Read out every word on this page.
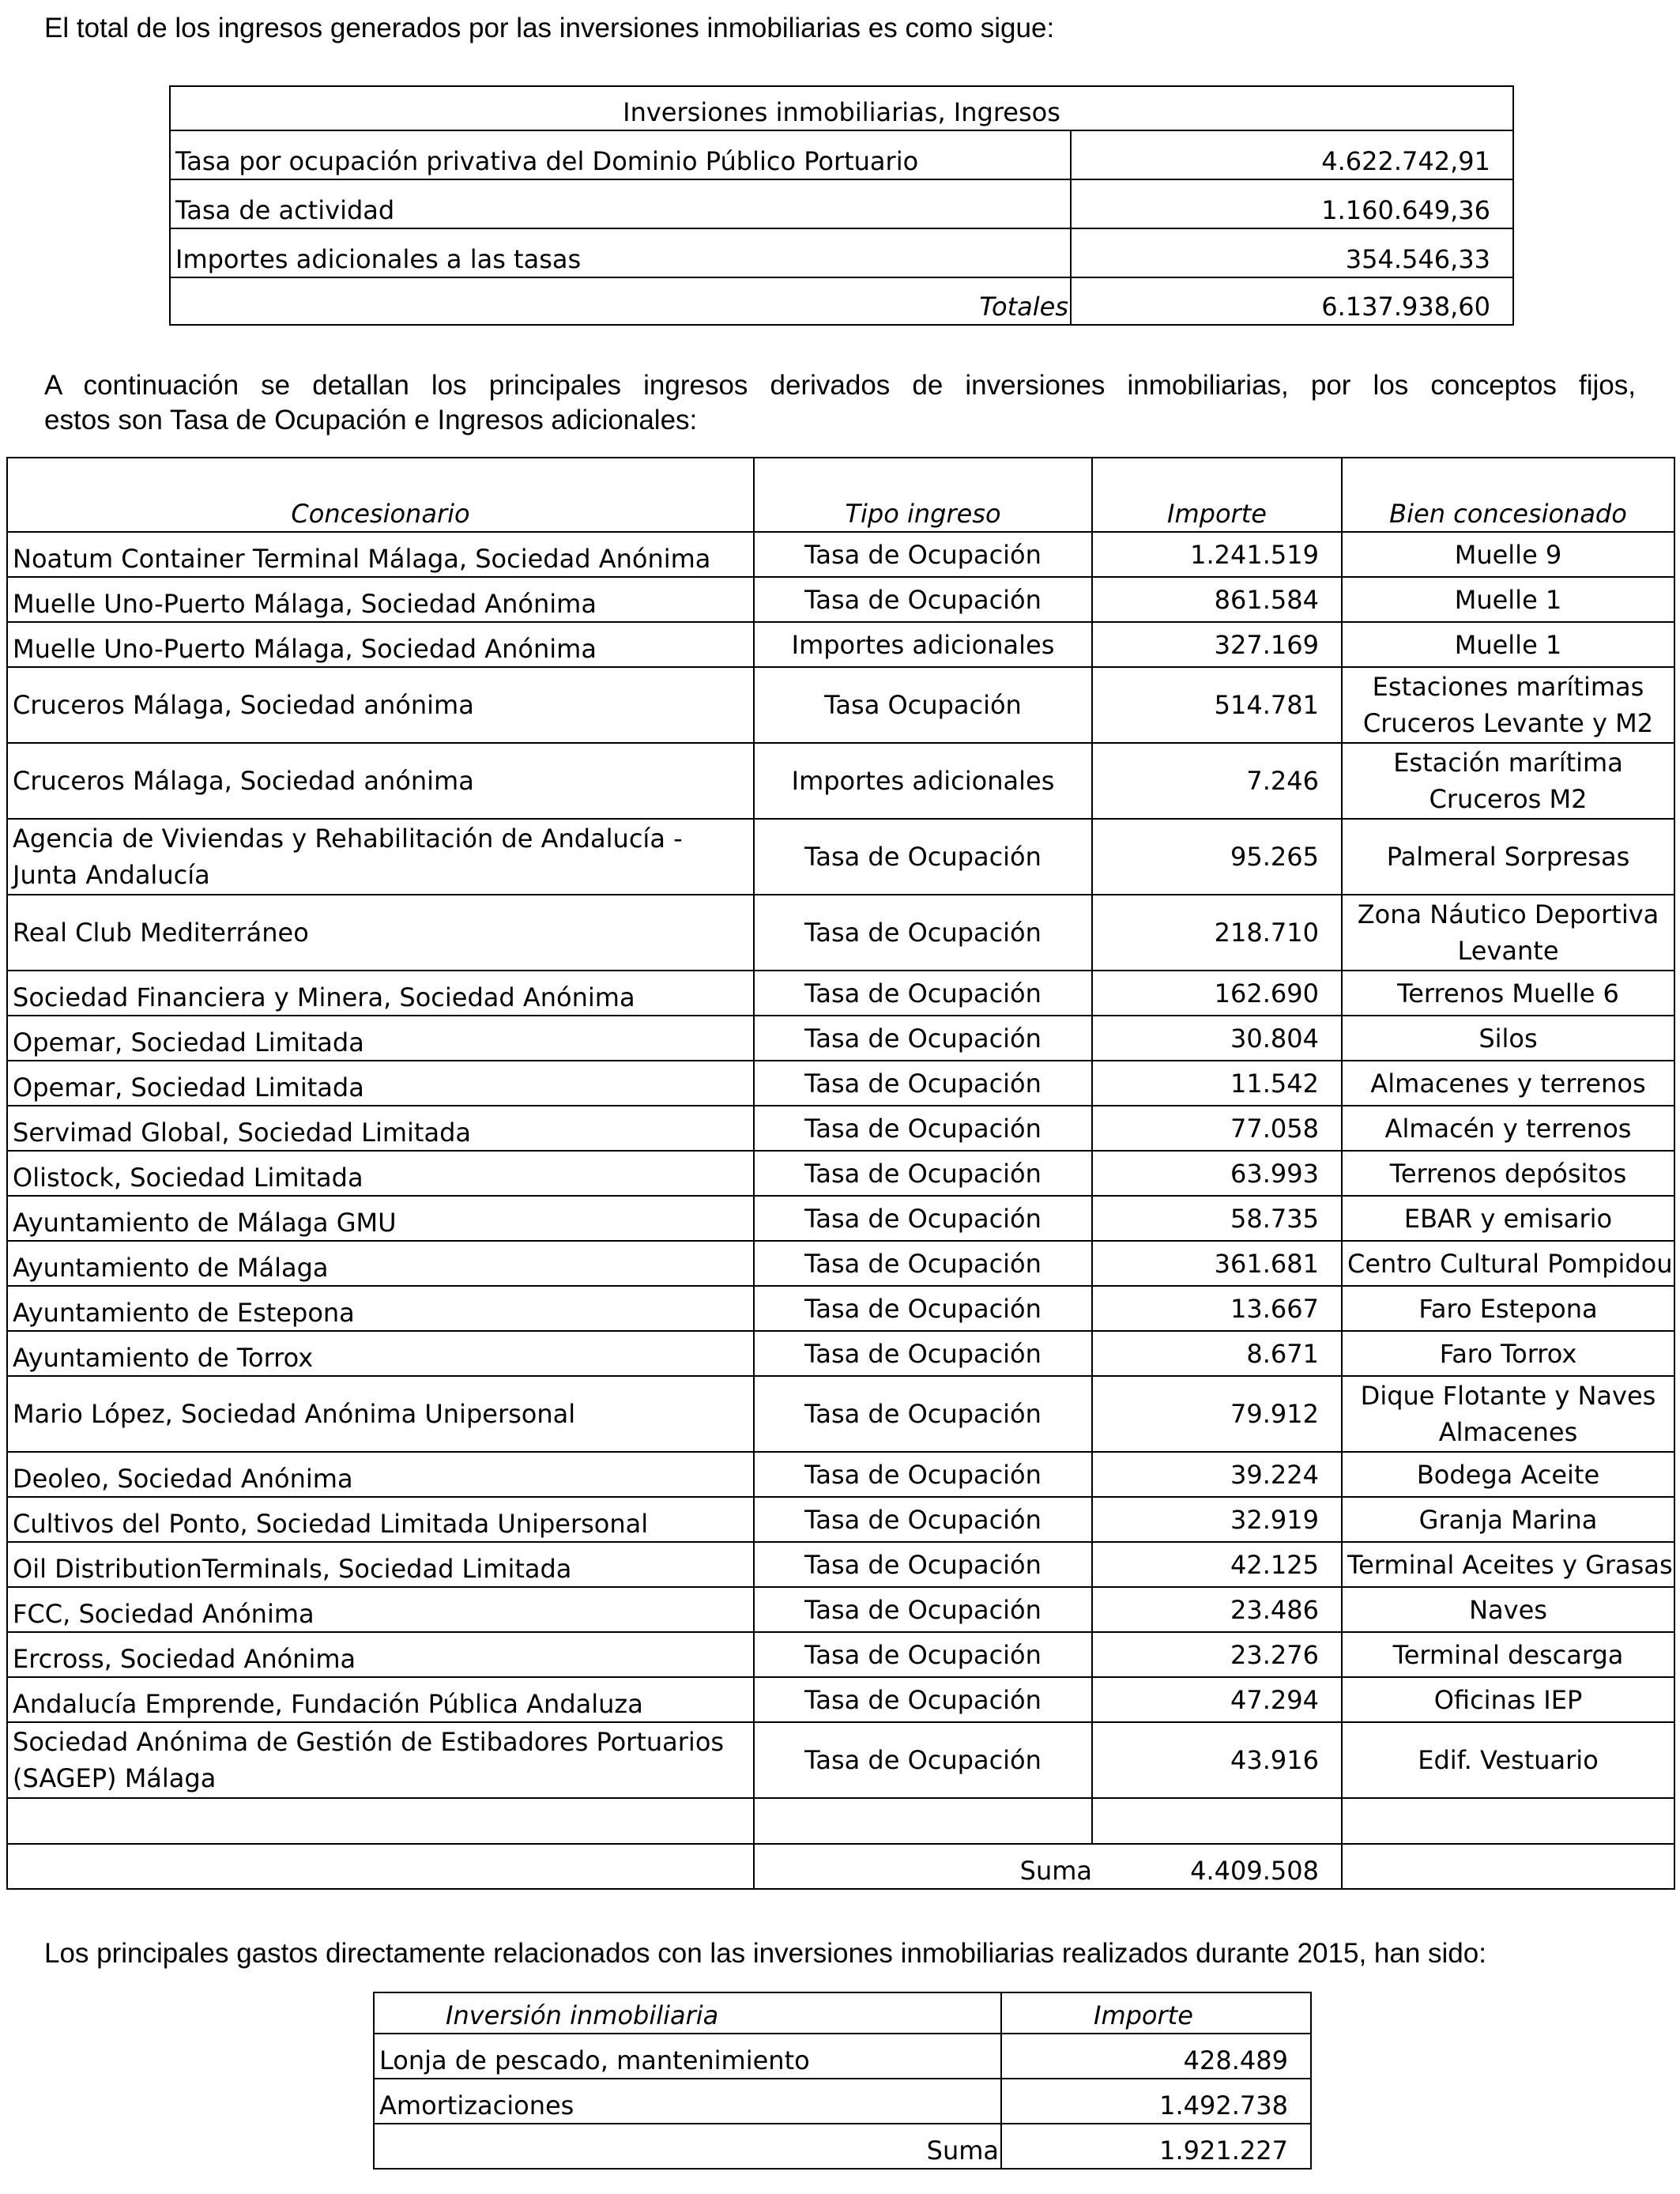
El total de los ingresos generados por las inversiones inmobiliarias es como sigue:

Inversiones inmobiliarias, Ingresos	
Tasa por ocupación privativa del Dominio Público Portuario	4.622.742,91
Tasa de actividad	1.160.649,36
Importes adicionales a las tasas	354.546,33
Totales	6.137.938,60

A continuación se detallan los principales ingresos derivados de inversiones inmobiliarias, por los conceptos fijos,

estos son Tasa de Ocupación e Ingresos adicionales:

Concesionario	Tipo ingreso	Importe	Bien concesionado
Noatum Container Terminal Málaga, Sociedad Anónima	Tasa de Ocupación	1.241.519	Muelle 9
Muelle Uno-Puerto Málaga, Sociedad Anónima	Tasa de Ocupación	861.584	Muelle 1
Muelle Uno-Puerto Málaga, Sociedad Anónima	Importes adicionales	327.169	Muelle 1
Cruceros Málaga, Sociedad anónima	Tasa Ocupación	514.781	Estaciones marítimas Cruceros Levante y M2
Cruceros Málaga, Sociedad anónima	Importes adicionales	7.246	Estación marítima Cruceros M2
Agencia de Viviendas y Rehabilitación de Andalucía - Junta Andalucía	Tasa de Ocupación	95.265	Palmeral Sorpresas
Real Club Mediterráneo	Tasa de Ocupación	218.710	Zona Náutico Deportiva Levante
Sociedad Financiera y Minera, Sociedad Anónima	Tasa de Ocupación	162.690	Terrenos Muelle 6
Opemar, Sociedad Limitada	Tasa de Ocupación	30.804	Silos
Opemar, Sociedad Limitada	Tasa de Ocupación	11.542	Almacenes y terrenos
Servimad Global, Sociedad Limitada	Tasa de Ocupación	77.058	Almacén y terrenos
Olistock, Sociedad Limitada	Tasa de Ocupación	63.993	Terrenos depósitos
Ayuntamiento de Málaga GMU	Tasa de Ocupación	58.735	EBAR y emisario
Ayuntamiento de Málaga	Tasa de Ocupación	361.681	Centro Cultural Pompidou
Ayuntamiento de Estepona	Tasa de Ocupación	13.667	Faro Estepona
Ayuntamiento de Torrox	Tasa de Ocupación	8.671	Faro Torrox
Mario López, Sociedad Anónima Unipersonal	Tasa de Ocupación	79.912	Dique Flotante y Naves Almacenes
Deoleo, Sociedad Anónima	Tasa de Ocupación	39.224	Bodega Aceite
Cultivos del Ponto, Sociedad Limitada Unipersonal	Tasa de Ocupación	32.919	Granja Marina
Oil DistributionTerminals, Sociedad Limitada	Tasa de Ocupación	42.125	Terminal Aceites y Grasas
FCC, Sociedad Anónima	Tasa de Ocupación	23.486	Naves
Ercross, Sociedad Anónima	Tasa de Ocupación	23.276	Terminal descarga
Andalucía Emprende, Fundación Pública Andaluza	Tasa de Ocupación	47.294	Oficinas IEP
Sociedad Anónima de Gestión de Estibadores Portuarios (SAGEP) Málaga	Tasa de Ocupación	43.916	Edif. Vestuario

	Suma	4.409.508	

Los principales gastos directamente relacionados con las inversiones inmobiliarias realizados durante 2015, han sido:

Inversión inmobiliaria	Importe
Lonja de pescado, mantenimiento	428.489
Amortizaciones	1.492.738
Suma	1.921.227
